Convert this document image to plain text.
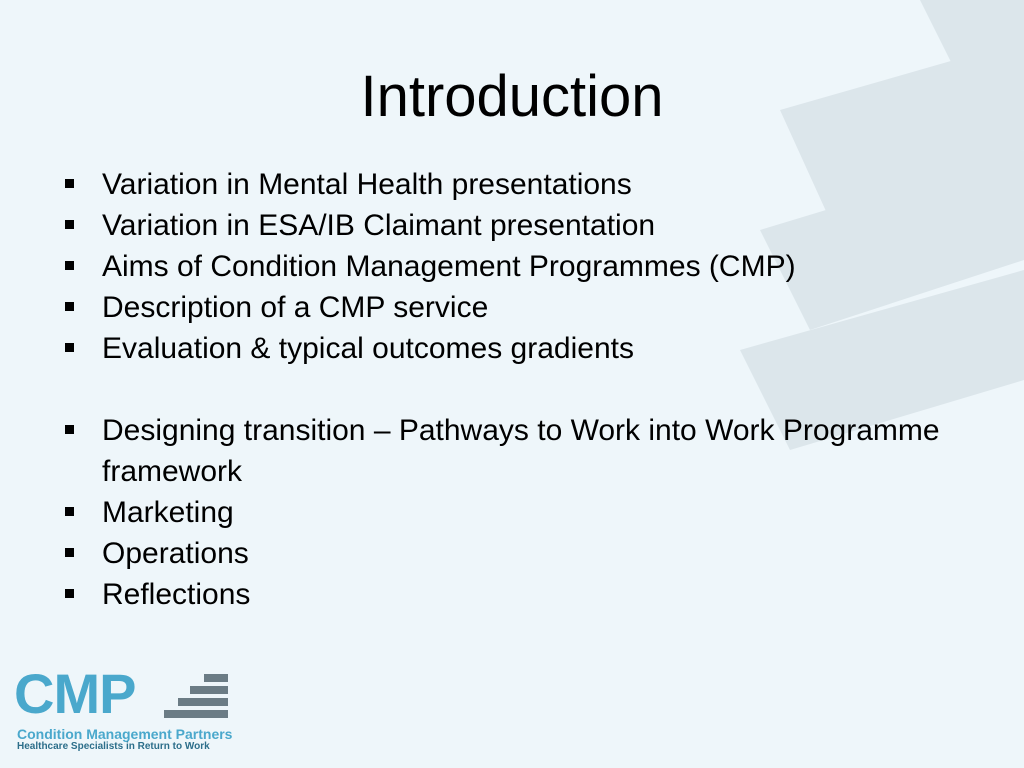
Introduction
Variation in Mental Health presentations
Variation in ESA/IB Claimant presentation
Aims of Condition Management Programmes (CMP)
Description of a CMP service
Evaluation & typical outcomes gradients
Designing transition – Pathways to Work into Work Programme framework
Marketing
Operations
Reflections
CMP
Condition Management Partners
Healthcare Specialists in Return to Work
